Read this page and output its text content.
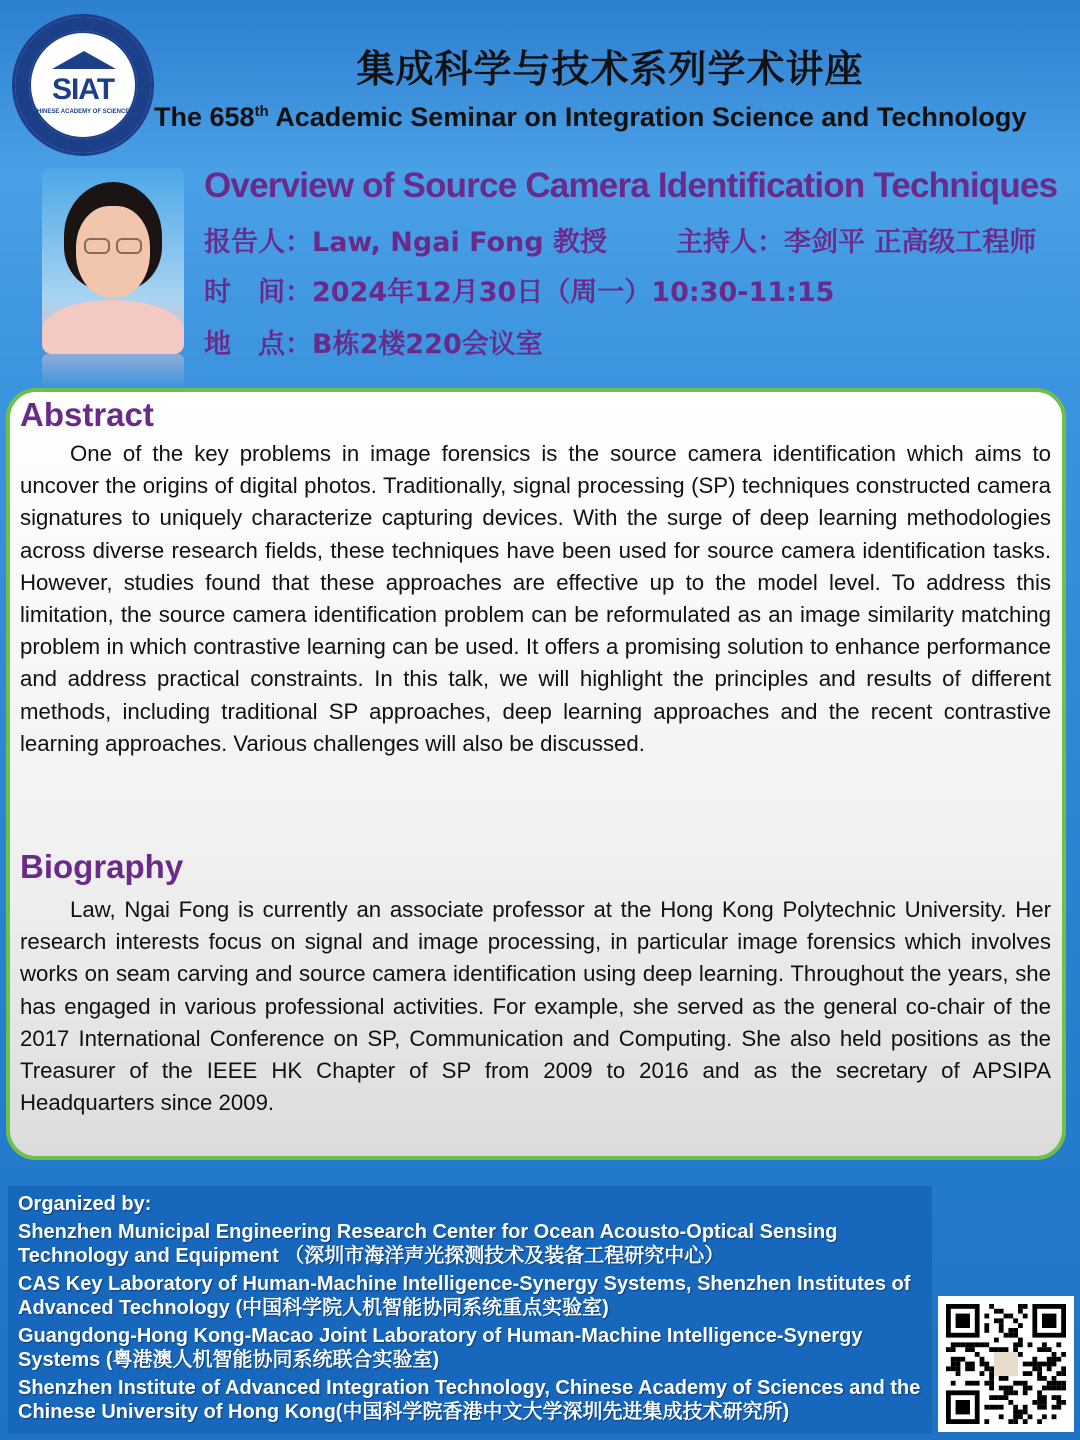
SIAT
CHINESE ACADEMY OF SCIENCES
集成科学与技术系列学术讲座
The 658th Academic Seminar on Integration Science and Technology
Overview of Source Camera Identification Techniques
报告人：Law, Ngai Fong 教授	主持人：李剑平 正高级工程师
时　间：2024年12月30日（周一）10:30-11:15
地　点：B栋2楼220会议室
Abstract
One of the key problems in image forensics is the source camera identification which aims to uncover the origins of digital photos. Traditionally, signal processing (SP) techniques constructed camera signatures to uniquely characterize capturing devices. With the surge of deep learning methodologies across diverse research fields, these techniques have been used for source camera identification tasks. However, studies found that these approaches are effective up to the model level. To address this limitation, the source camera identification problem can be reformulated as an image similarity matching problem in which contrastive learning can be used. It offers a promising solution to enhance performance and address practical constraints. In this talk, we will highlight the principles and results of different methods, including traditional SP approaches, deep learning approaches and the recent contrastive learning approaches. Various challenges will also be discussed.
Biography
Law, Ngai Fong is currently an associate professor at the Hong Kong Polytechnic University. Her research interests focus on signal and image processing, in particular image forensics which involves works on seam carving and source camera identification using deep learning. Throughout the years, she has engaged in various professional activities. For example, she served as the general co-chair of the 2017 International Conference on SP, Communication and Computing. She also held positions as the Treasurer of the IEEE HK Chapter of SP from 2009 to 2016 and as the secretary of APSIPA Headquarters since 2009.
Organized by:
Shenzhen Municipal Engineering Research Center for Ocean Acousto-Optical Sensing Technology and Equipment （深圳市海洋声光探测技术及装备工程研究中心）
CAS Key Laboratory of Human-Machine Intelligence-Synergy Systems, Shenzhen Institutes of Advanced Technology (中国科学院人机智能协同系统重点实验室)
Guangdong-Hong Kong-Macao Joint Laboratory of Human-Machine Intelligence-Synergy Systems (粤港澳人机智能协同系统联合实验室)
Shenzhen Institute of Advanced Integration Technology, Chinese Academy of Sciences and the Chinese University of Hong Kong(中国科学院香港中文大学深圳先进集成技术研究所)
